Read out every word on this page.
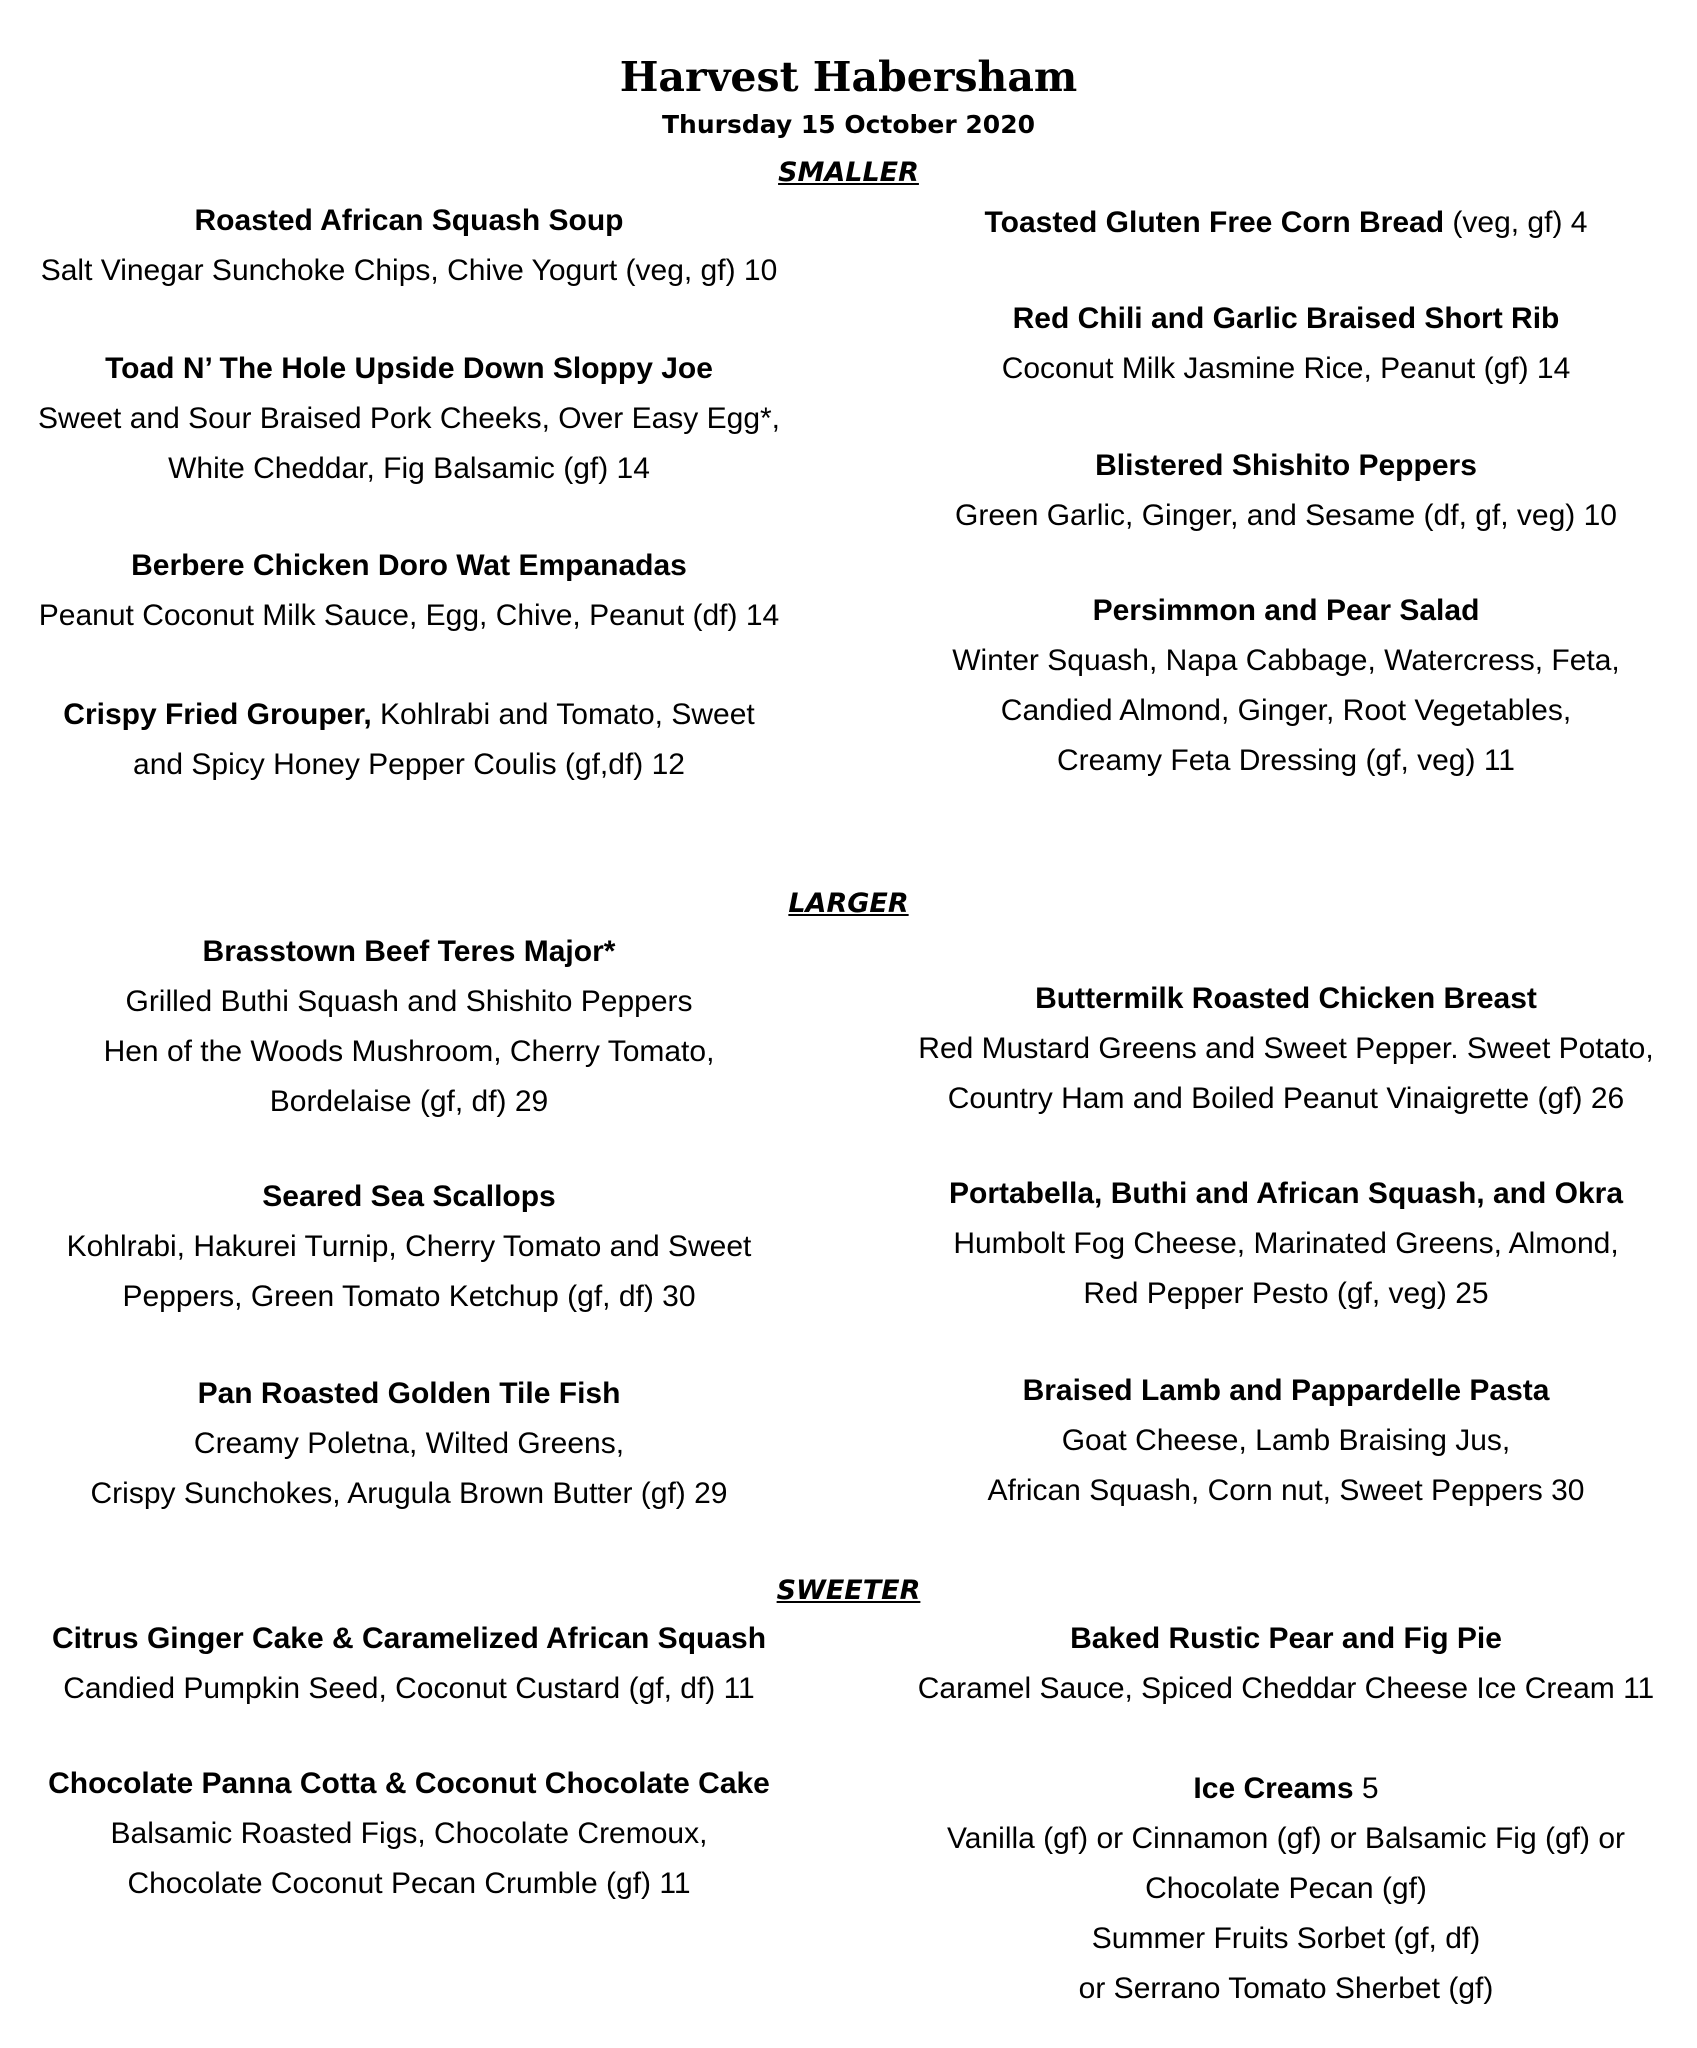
Harvest Habersham
Thursday 15 October 2020
SMALLER
Roasted African Squash Soup
Salt Vinegar Sunchoke Chips, Chive Yogurt (veg, gf) 10
Toad N’ The Hole Upside Down Sloppy Joe
Sweet and Sour Braised Pork Cheeks, Over Easy Egg*,
White Cheddar, Fig Balsamic (gf) 14
Berbere Chicken Doro Wat Empanadas
Peanut Coconut Milk Sauce, Egg, Chive, Peanut (df) 14
Crispy Fried Grouper, Kohlrabi and Tomato, Sweet
and Spicy Honey Pepper Coulis (gf,df) 12
Toasted Gluten Free Corn Bread (veg, gf) 4
Red Chili and Garlic Braised Short Rib
Coconut Milk Jasmine Rice, Peanut (gf) 14
Blistered Shishito Peppers
Green Garlic, Ginger, and Sesame (df, gf, veg) 10
Persimmon and Pear Salad
Winter Squash, Napa Cabbage, Watercress, Feta,
Candied Almond, Ginger, Root Vegetables,
Creamy Feta Dressing (gf, veg) 11
LARGER
Brasstown Beef Teres Major*
Grilled Buthi Squash and Shishito Peppers
Hen of the Woods Mushroom, Cherry Tomato,
Bordelaise (gf, df) 29
Seared Sea Scallops
Kohlrabi, Hakurei Turnip, Cherry Tomato and Sweet
Peppers, Green Tomato Ketchup (gf, df) 30
Pan Roasted Golden Tile Fish
Creamy Poletna, Wilted Greens,
Crispy Sunchokes, Arugula Brown Butter (gf) 29
Buttermilk Roasted Chicken Breast
Red Mustard Greens and Sweet Pepper. Sweet Potato,
Country Ham and Boiled Peanut Vinaigrette (gf) 26
Portabella, Buthi and African Squash, and Okra
Humbolt Fog Cheese, Marinated Greens, Almond,
Red Pepper Pesto (gf, veg) 25
Braised Lamb and Pappardelle Pasta
Goat Cheese, Lamb Braising Jus,
African Squash, Corn nut, Sweet Peppers 30
SWEETER
Citrus Ginger Cake & Caramelized African Squash
Candied Pumpkin Seed, Coconut Custard (gf, df) 11
Chocolate Panna Cotta & Coconut Chocolate Cake
Balsamic Roasted Figs, Chocolate Cremoux,
Chocolate Coconut Pecan Crumble (gf) 11
Baked Rustic Pear and Fig Pie
Caramel Sauce, Spiced Cheddar Cheese Ice Cream 11
Ice Creams 5
Vanilla (gf) or Cinnamon (gf) or Balsamic Fig (gf) or
Chocolate Pecan (gf)
Summer Fruits Sorbet (gf, df)
or Serrano Tomato Sherbet (gf)
